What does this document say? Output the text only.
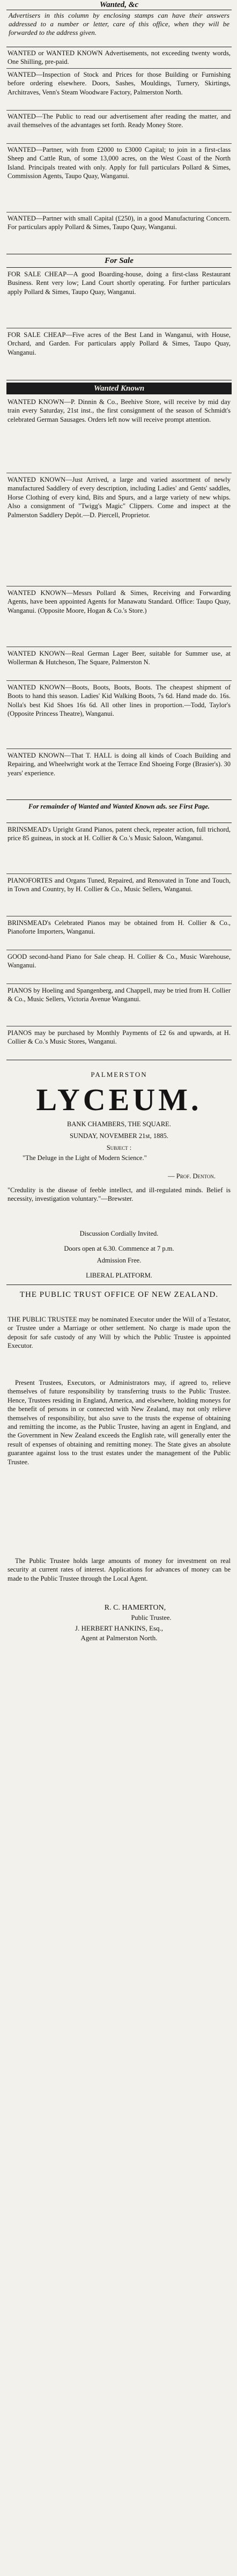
Wanted, &c
Advertisers in this column by enclosing stamps can have their answers addressed to a number or letter, care of this office, when they will be forwarded to the address given.
WANTED or WANTED KNOWN Advertisements, not exceeding twenty words, One Shilling, pre-paid.
WANTED—Inspection of Stock and Prices for those Building or Furnishing before ordering elsewhere. Doors, Sashes, Mouldings, Turnery, Skirtings, Architraves, Venn's Steam Woodware Factory, Palmerston North.
WANTED—The Public to read our advertisement after reading the matter, and avail themselves of the advantages set forth. Ready Money Store.
WANTED—Partner, with from £2000 to £3000 Capital; to join in a first-class Sheep and Cattle Run, of some 13,000 acres, on the West Coast of the North Island. Principals treated with only. Apply for full particulars Pollard & Simes, Commission Agents, Taupo Quay, Wanganui.
WANTED—Partner with small Capital (£250), in a good Manufacturing Concern. For particulars apply Pollard & Simes, Taupo Quay, Wanganui.
For Sale
FOR SALE CHEAP—A good Boarding-house, doing a first-class Restaurant Business. Rent very low; Land Court shortly operating. For further particulars apply Pollard & Simes, Taupo Quay, Wanganui.
FOR SALE CHEAP—Five acres of the Best Land in Wanganui, with House, Orchard, and Garden. For particulars apply Pollard & Simes, Taupo Quay, Wanganui.
Wanted Known
WANTED KNOWN—P. Dinnin & Co., Beehive Store, will receive by mid day train every Saturday, 21st inst., the first consignment of the season of Schmidt's celebrated German Sausages. Orders left now will receive prompt attention.
WANTED KNOWN—Just Arrived, a large and varied assortment of newly manufactured Saddlery of every description, including Ladies' and Gents' saddles, Horse Clothing of every kind, Bits and Spurs, and a large variety of new whips. Also a consignment of "Twigg's Magic" Clippers. Come and inspect at the Palmerston Saddlery Depôt.—D. Piercell, Proprietor.
WANTED KNOWN—Messrs Pollard & Simes, Receiving and Forwarding Agents, have been appointed Agents for Manawatu Standard. Office: Taupo Quay, Wanganui. (Opposite Moore, Hogan & Co.'s Store.)
WANTED KNOWN—Real German Lager Beer, suitable for Summer use, at Wollerman & Hutcheson, The Square, Palmerston N.
WANTED KNOWN—Boots, Boots, Boots, Boots. The cheapest shipment of Boots to hand this season. Ladies' Kid Walking Boots, 7s 6d. Hand made do. 16s. Nolla's best Kid Shoes 16s 6d. All other lines in proportion.—Todd, Taylor's (Opposite Princess Theatre), Wanganui.
WANTED KNOWN—That T. HALL is doing all kinds of Coach Building and Repairing, and Wheelwright work at the Terrace End Shoeing Forge (Brasier's). 30 years' experience.
For remainder of Wanted and Wanted Known ads. see First Page.
BRINSMEAD's Upright Grand Pianos, patent check, repeater action, full trichord, price 85 guineas, in stock at H. Collier & Co.'s Music Saloon, Wanganui.
PIANOFORTES and Organs Tuned, Repaired, and Renovated in Tone and Touch, in Town and Country, by H. Collier & Co., Music Sellers, Wanganui.
BRINSMEAD's Celebrated Pianos may be obtained from H. Collier & Co., Pianoforte Importers, Wanganui.
GOOD second-hand Piano for Sale cheap. H. Collier & Co., Music Warehouse, Wanganui.
PIANOS by Hoeling and Spangenberg, and Chappell, may be tried from H. Collier & Co., Music Sellers, Victoria Avenue Wanganui.
PIANOS may be purchased by Monthly Payments of £2 6s and upwards, at H. Collier & Co.'s Music Stores, Wanganui.
PALMERSTON
LYCEUM.
BANK CHAMBERS, THE SQUARE.
SUNDAY, NOVEMBER 21st, 1885.
Subject :
"The Deluge in the Light of Modern Science."
— Prof. Denton.
"Credulity is the disease of feeble intellect, and ill-regulated minds. Belief is necessity, investigation voluntary."—Brewster.
Discussion Cordially Invited.
Doors open at 6.30. Commence at 7 p.m.
Admission Free.
LIBERAL PLATFORM.
THE PUBLIC TRUST OFFICE OF NEW ZEALAND.
THE PUBLIC TRUSTEE may be nominated Executor under the Will of a Testator, or Trustee under a Marriage or other settlement. No charge is made upon the deposit for safe custody of any Will by which the Public Trustee is appointed Executor.
Present Trustees, Executors, or Administrators may, if agreed to, relieve themselves of future responsibility by transferring trusts to the Public Trustee. Hence, Trustees residing in England, America, and elsewhere, holding moneys for the benefit of persons in or connected with New Zealand, may not only relieve themselves of responsibility, but also save to the trusts the expense of obtaining and remitting the income, as the Public Trustee, having an agent in England, and the Government in New Zealand exceeds the English rate, will generally enter the result of expenses of obtaining and remitting money. The State gives an absolute guarantee against loss to the trust estates under the management of the Public Trustee.
The Public Trustee holds large amounts of money for investment on real security at current rates of interest. Applications for advances of money can be made to the Public Trustee through the Local Agent.
R. C. HAMERTON,
Public Trustee.
J. HERBERT HANKINS, Esq.,
Agent at Palmerston North.
